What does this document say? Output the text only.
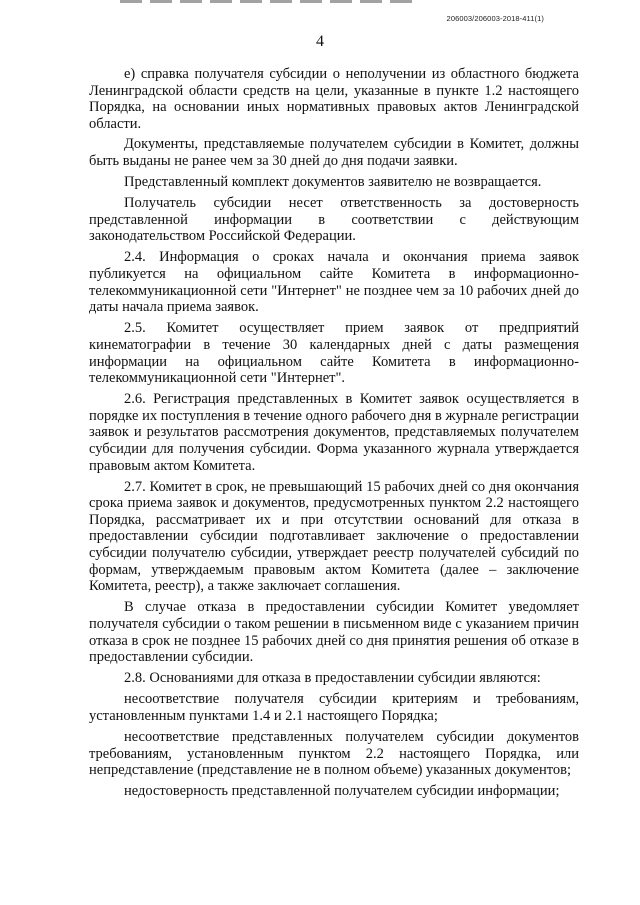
206003/206003-2018-411(1)
4

е) справка получателя субсидии о неполучении из областного бюджета Ленинградской области средств на цели, указанные в пункте 1.2 настоящего Порядка, на основании иных нормативных правовых актов Ленинградской области.

Документы, представляемые получателем субсидии в Комитет, должны быть выданы не ранее чем за 30 дней до дня подачи заявки.

Представленный комплект документов заявителю не возвращается.

Получатель субсидии несет ответственность за достоверность представленной информации в соответствии с действующим законодательством Российской Федерации.

2.4. Информация о сроках начала и окончания приема заявок публикуется на официальном сайте Комитета в информационно-телекоммуникационной сети "Интернет" не позднее чем за 10 рабочих дней до даты начала приема заявок.

2.5. Комитет осуществляет прием заявок от предприятий кинематографии в течение 30 календарных дней с даты размещения информации на официальном сайте Комитета в информационно-телекоммуникационной сети "Интернет".

2.6. Регистрация представленных в Комитет заявок осуществляется в порядке их поступления в течение одного рабочего дня в журнале регистрации заявок и результатов рассмотрения документов, представляемых получателем субсидии для получения субсидии. Форма указанного журнала утверждается правовым актом Комитета.

2.7. Комитет в срок, не превышающий 15 рабочих дней со дня окончания срока приема заявок и документов, предусмотренных пунктом 2.2 настоящего Порядка, рассматривает их и при отсутствии оснований для отказа в предоставлении субсидии подготавливает заключение о предоставлении субсидии получателю субсидии, утверждает реестр получателей субсидий по формам, утверждаемым правовым актом Комитета (далее – заключение Комитета, реестр), а также заключает соглашения.

В случае отказа в предоставлении субсидии Комитет уведомляет получателя субсидии о таком решении в письменном виде с указанием причин отказа в срок не позднее 15 рабочих дней со дня принятия решения об отказе в предоставлении субсидии.

2.8. Основаниями для отказа в предоставлении субсидии являются:

несоответствие получателя субсидии критериям и требованиям, установленным пунктами 1.4 и 2.1 настоящего Порядка;

несоответствие представленных получателем субсидии документов требованиям, установленным пунктом 2.2 настоящего Порядка, или непредставление (представление не в полном объеме) указанных документов;

недостоверность представленной получателем субсидии информации;
